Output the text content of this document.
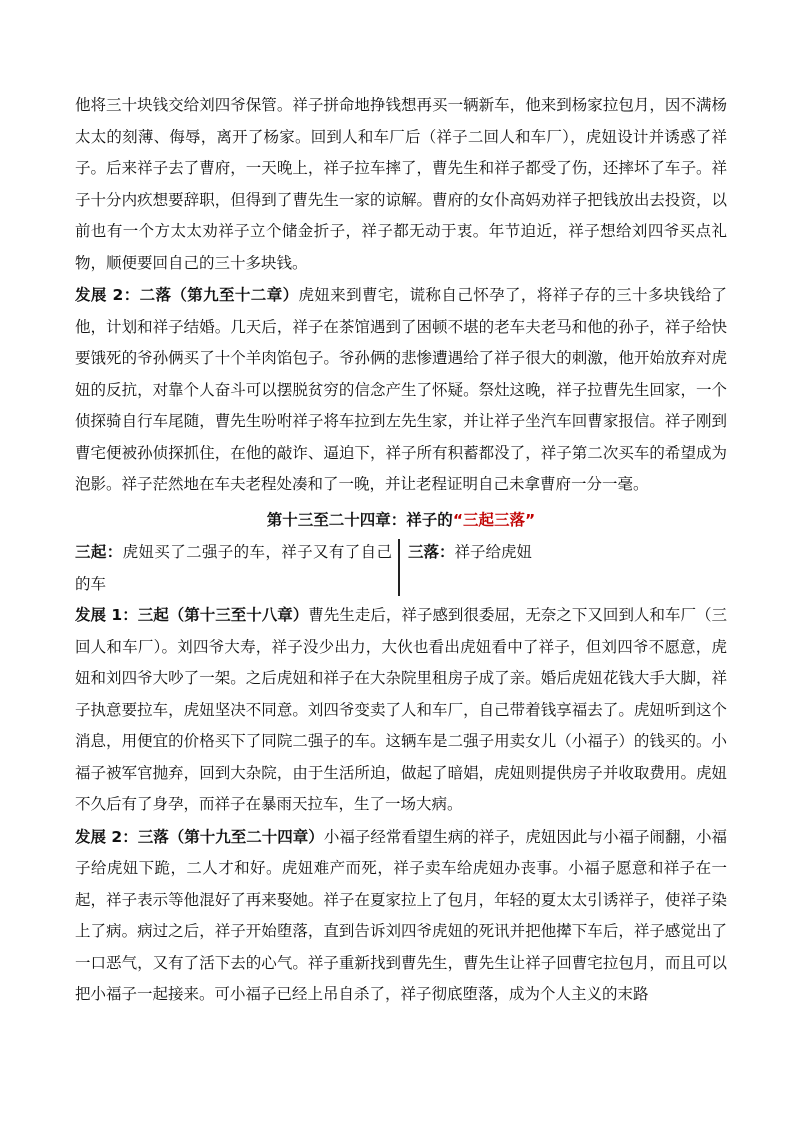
他将三十块钱交给刘四爷保管。祥子拼命地挣钱想再买一辆新车，他来到杨家拉包月，因不满杨太太的刻薄、侮辱，离开了杨家。回到人和车厂后（祥子二回人和车厂），虎妞设计并诱惑了祥子。后来祥子去了曹府，一天晚上，祥子拉车摔了，曹先生和祥子都受了伤，还摔坏了车子。祥子十分内疚想要辞职，但得到了曹先生一家的谅解。曹府的女仆高妈劝祥子把钱放出去投资，以前也有一个方太太劝祥子立个储金折子，祥子都无动于衷。年节迫近，祥子想给刘四爷买点礼物，顺便要回自己的三十多块钱。

发展 2：二落（第九至十二章）虎妞来到曹宅，谎称自己怀孕了，将祥子存的三十多块钱给了他，计划和祥子结婚。几天后，祥子在茶馆遇到了困顿不堪的老车夫老马和他的孙子，祥子给快要饿死的爷孙俩买了十个羊肉馅包子。爷孙俩的悲惨遭遇给了祥子很大的刺激，他开始放弃对虎妞的反抗，对靠个人奋斗可以摆脱贫穷的信念产生了怀疑。祭灶这晚，祥子拉曹先生回家，一个侦探骑自行车尾随，曹先生吩咐祥子将车拉到左先生家，并让祥子坐汽车回曹家报信。祥子刚到曹宅便被孙侦探抓住，在他的敲诈、逼迫下，祥子所有积蓄都没了，祥子第二次买车的希望成为泡影。祥子茫然地在车夫老程处凑和了一晚，并让老程证明自己未拿曹府一分一毫。

第十三至二十四章：祥子的“三起三落”
三起：虎妞买了二强子的车，祥子又有了自己的车
三落：祥子给虎妞

发展 1：三起（第十三至十八章）曹先生走后，祥子感到很委屈，无奈之下又回到人和车厂（三回人和车厂）。刘四爷大寿，祥子没少出力，大伙也看出虎妞看中了祥子，但刘四爷不愿意，虎妞和刘四爷大吵了一架。之后虎妞和祥子在大杂院里租房子成了亲。婚后虎妞花钱大手大脚，祥子执意要拉车，虎妞坚决不同意。刘四爷变卖了人和车厂，自己带着钱享福去了。虎妞听到这个消息，用便宜的价格买下了同院二强子的车。这辆车是二强子用卖女儿（小福子）的钱买的。小福子被军官抛弃，回到大杂院，由于生活所迫，做起了暗娼，虎妞则提供房子并收取费用。虎妞不久后有了身孕，而祥子在暴雨天拉车，生了一场大病。

发展 2：三落（第十九至二十四章）小福子经常看望生病的祥子，虎妞因此与小福子闹翻，小福子给虎妞下跪，二人才和好。虎妞难产而死，祥子卖车给虎妞办丧事。小福子愿意和祥子在一起，祥子表示等他混好了再来娶她。祥子在夏家拉上了包月，年轻的夏太太引诱祥子，使祥子染上了病。病过之后，祥子开始堕落，直到告诉刘四爷虎妞的死讯并把他撵下车后，祥子感觉出了一口恶气，又有了活下去的心气。祥子重新找到曹先生，曹先生让祥子回曹宅拉包月，而且可以把小福子一起接来。可小福子已经上吊自杀了，祥子彻底堕落，成为个人主义的末路
